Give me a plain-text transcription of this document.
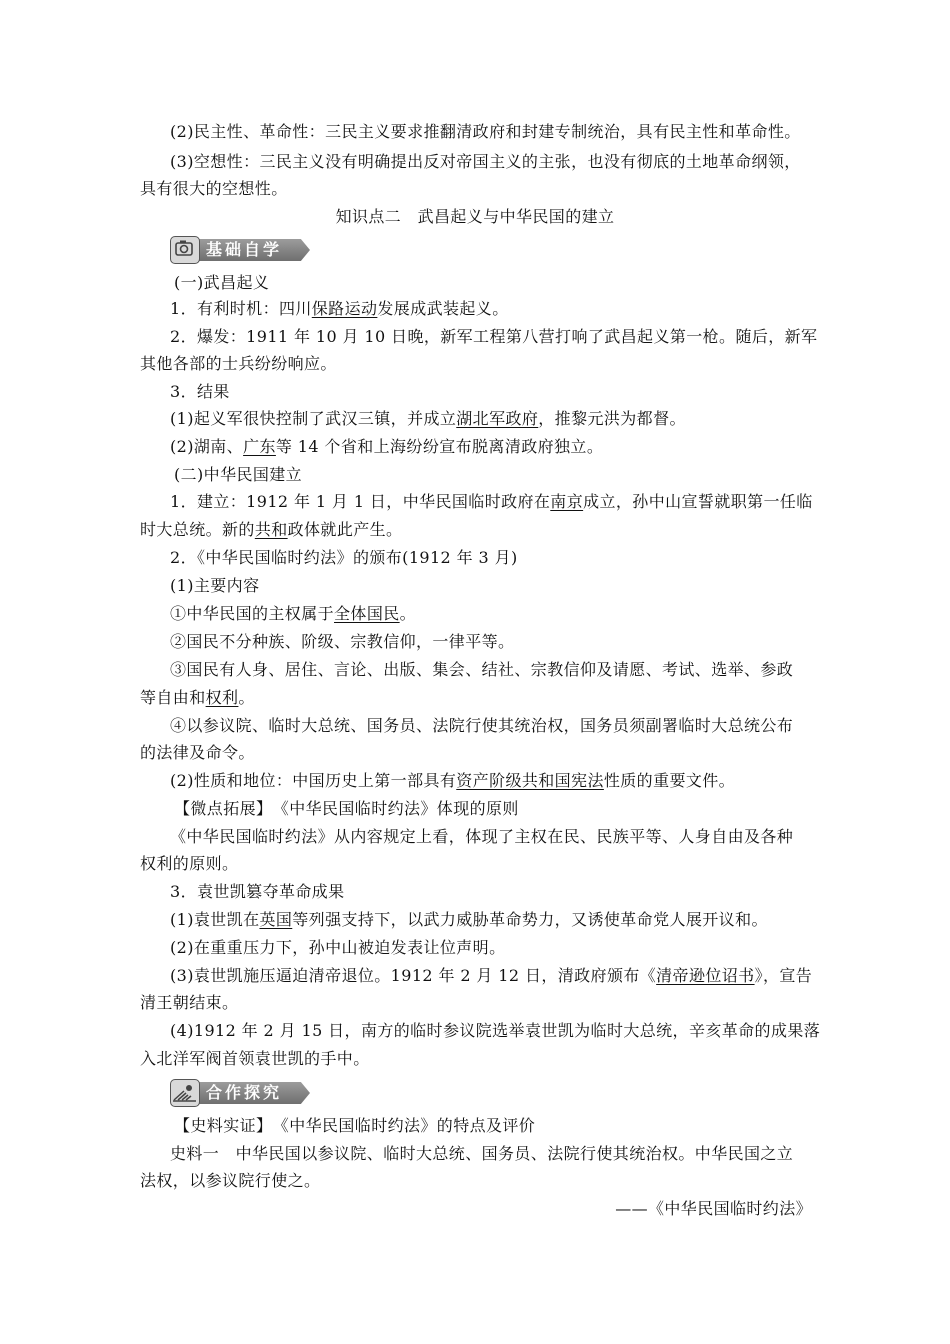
(2)民主性、革命性：三民主义要求推翻清政府和封建专制统治，具有民主性和革命性。
(3)空想性：三民主义没有明确提出反对帝国主义的主张，也没有彻底的土地革命纲领，
具有很大的空想性。
知识点二　武昌起义与中华民国的建立
基础自学
(一)武昌起义
1．有利时机：四川保路运动发展成武装起义。
2．爆发：1911 年 10 月 10 日晚，新军工程第八营打响了武昌起义第一枪。随后，新军
其他各部的士兵纷纷响应。
3．结果
(1)起义军很快控制了武汉三镇，并成立湖北军政府，推黎元洪为都督。
(2)湖南、广东等 14 个省和上海纷纷宣布脱离清政府独立。
(二)中华民国建立
1．建立：1912 年 1 月 1 日，中华民国临时政府在南京成立，孙中山宣誓就职第一任临
时大总统。新的共和政体就此产生。
2．《中华民国临时约法》的颁布(1912 年 3 月)
(1)主要内容
①中华民国的主权属于全体国民。
②国民不分种族、阶级、宗教信仰，一律平等。
③国民有人身、居住、言论、出版、集会、结社、宗教信仰及请愿、考试、选举、参政
等自由和权利。
④以参议院、临时大总统、国务员、法院行使其统治权，国务员须副署临时大总统公布
的法律及命令。
(2)性质和地位：中国历史上第一部具有资产阶级共和国宪法性质的重要文件。
【微点拓展】　《中华民国临时约法》体现的原则
《中华民国临时约法》从内容规定上看，体现了主权在民、民族平等、人身自由及各种
权利的原则。
3．袁世凯篡夺革命成果
(1)袁世凯在英国等列强支持下，以武力威胁革命势力，又诱使革命党人展开议和。
(2)在重重压力下，孙中山被迫发表让位声明。
(3)袁世凯施压逼迫清帝退位。1912 年 2 月 12 日，清政府颁布《清帝逊位诏书》，宣告
清王朝结束。
(4)1912 年 2 月 15 日，南方的临时参议院选举袁世凯为临时大总统，辛亥革命的成果落
入北洋军阀首领袁世凯的手中。
合作探究
【史料实证】　《中华民国临时约法》的特点及评价
史料一　中华民国以参议院、临时大总统、国务员、法院行使其统治权。中华民国之立
法权，以参议院行使之。
——《中华民国临时约法》
